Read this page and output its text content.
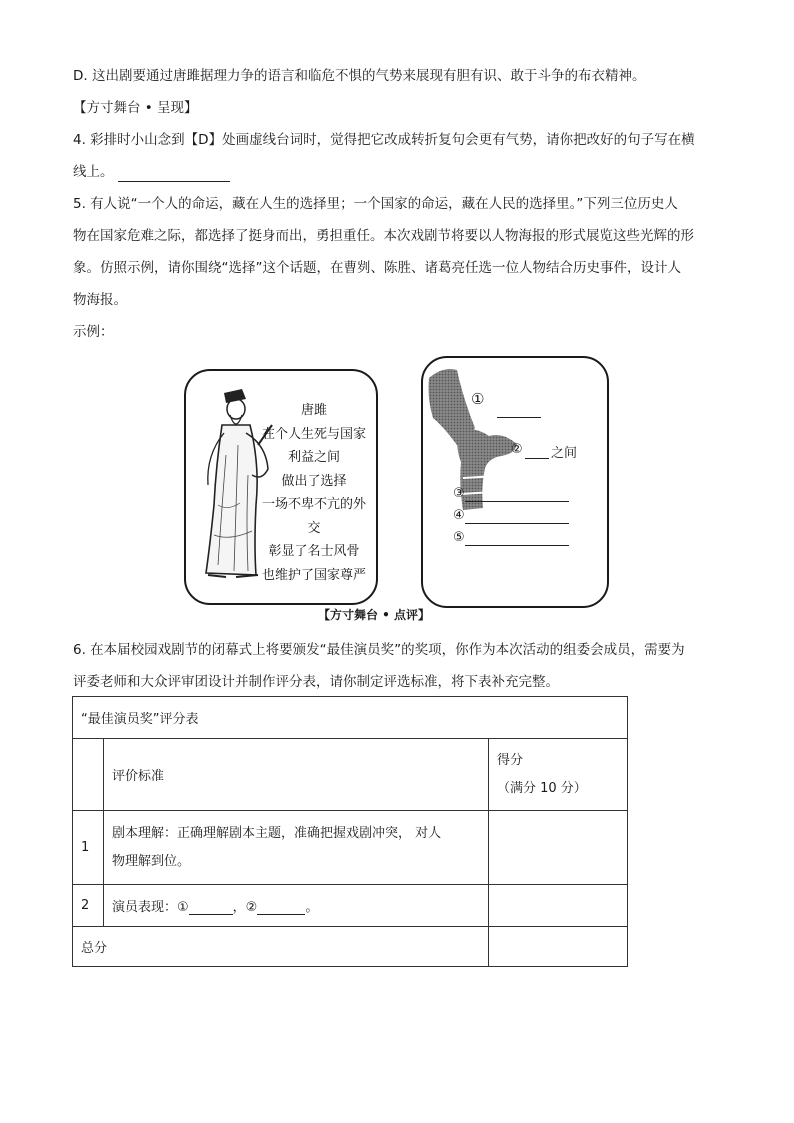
D. 这出剧要通过唐雎据理力争的语言和临危不惧的气势来展现有胆有识、敢于斗争的布衣精神。
【方寸舞台 • 呈现】
4. 彩排时小山念到【D】处画虚线台词时，觉得把它改成转折复句会更有气势，请你把改好的句子写在横
线上。
5. 有人说“一个人的命运，藏在人生的选择里；一个国家的命运，藏在人民的选择里。”下列三位历史人
物在国家危难之际，都选择了挺身而出，勇担重任。本次戏剧节将要以人物海报的形式展览这些光辉的形
象。仿照示例，请你围绕“选择”这个话题，在曹刿、陈胜、诸葛亮任选一位人物结合历史事件，设计人
物海报。
示例：
唐雎
在个人生死与国家
利益之间
做出了选择
一场不卑不亢的外
交
彰显了名士风骨
也维护了国家尊严
①
② 之间
③
④
⑤
【方寸舞台 • 点评】
6. 在本届校园戏剧节的闭幕式上将要颁发“最佳演员奖”的奖项，你作为本次活动的组委会成员，需要为
评委老师和大众评审团设计并制作评分表，请你制定评选标准，将下表补充完整。
“最佳演员奖”评分表		
	评价标准	得分
（满分 10 分）

1	剧本理解：正确理解剧本主题，准确把握戏剧冲突， 对人
物理解到位。	

2	演员表现：① ，② 。	
总分		
